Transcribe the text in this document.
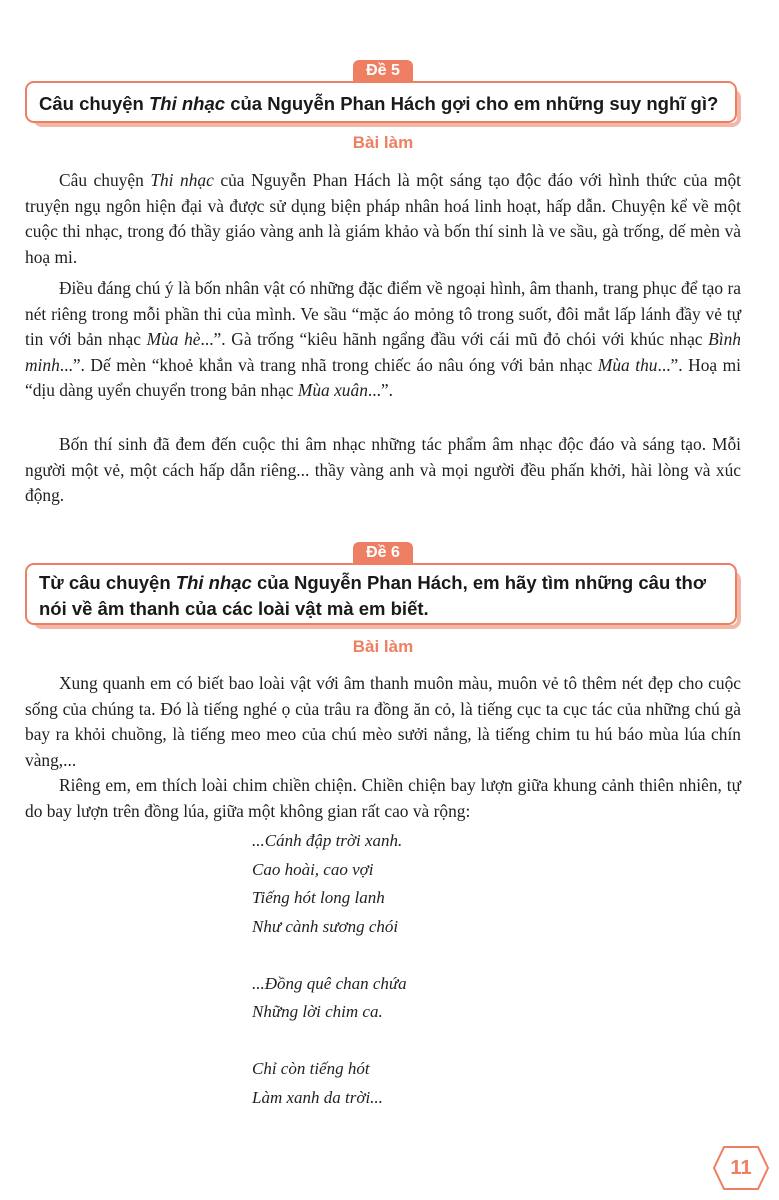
Đề 5
Câu chuyện Thi nhạc của Nguyễn Phan Hách gợi cho em những suy nghĩ gì?
Bài làm

Câu chuyện Thi nhạc của Nguyễn Phan Hách là một sáng tạo độc đáo với hình thức của một truyện ngụ ngôn hiện đại và được sử dụng biện pháp nhân hoá linh hoạt, hấp dẫn. Chuyện kể về một cuộc thi nhạc, trong đó thầy giáo vàng anh là giám khảo và bốn thí sinh là ve sầu, gà trống, dế mèn và hoạ mi.

Điều đáng chú ý là bốn nhân vật có những đặc điểm về ngoại hình, âm thanh, trang phục để tạo ra nét riêng trong mỗi phần thi của mình. Ve sầu “mặc áo mỏng tô trong suốt, đôi mắt lấp lánh đầy vẻ tự tin với bản nhạc Mùa hè...”. Gà trống “kiêu hãnh ngẩng đầu với cái mũ đỏ chói với khúc nhạc Bình minh...”. Dế mèn “khoẻ khắn và trang nhã trong chiếc áo nâu óng với bản nhạc Mùa thu...”. Hoạ mi “dịu dàng uyển chuyển trong bản nhạc Mùa xuân...”.

Bốn thí sinh đã đem đến cuộc thi âm nhạc những tác phẩm âm nhạc độc đáo và sáng tạo. Mỗi người một vẻ, một cách hấp dẫn riêng... thầy vàng anh và mọi người đều phấn khởi, hài lòng và xúc động.

Đề 6
Từ câu chuyện Thi nhạc của Nguyễn Phan Hách, em hãy tìm những câu thơ nói về âm thanh của các loài vật mà em biết.
Bài làm

Xung quanh em có biết bao loài vật với âm thanh muôn màu, muôn vẻ tô thêm nét đẹp cho cuộc sống của chúng ta. Đó là tiếng nghé ọ của trâu ra đồng ăn cỏ, là tiếng cục ta cục tác của những chú gà bay ra khỏi chuồng, là tiếng meo meo của chú mèo sưởi nắng, là tiếng chim tu hú báo mùa lúa chín vàng,...

Riêng em, em thích loài chim chiền chiện. Chiền chiện bay lượn giữa khung cảnh thiên nhiên, tự do bay lượn trên đồng lúa, giữa một không gian rất cao và rộng:

...Cánh đập trời xanh.
Cao hoài, cao vợi
Tiếng hót long lanh
Như cành sương chói
...Đồng quê chan chứa
Những lời chim ca.
Chỉ còn tiếng hót
Làm xanh da trời...
11
